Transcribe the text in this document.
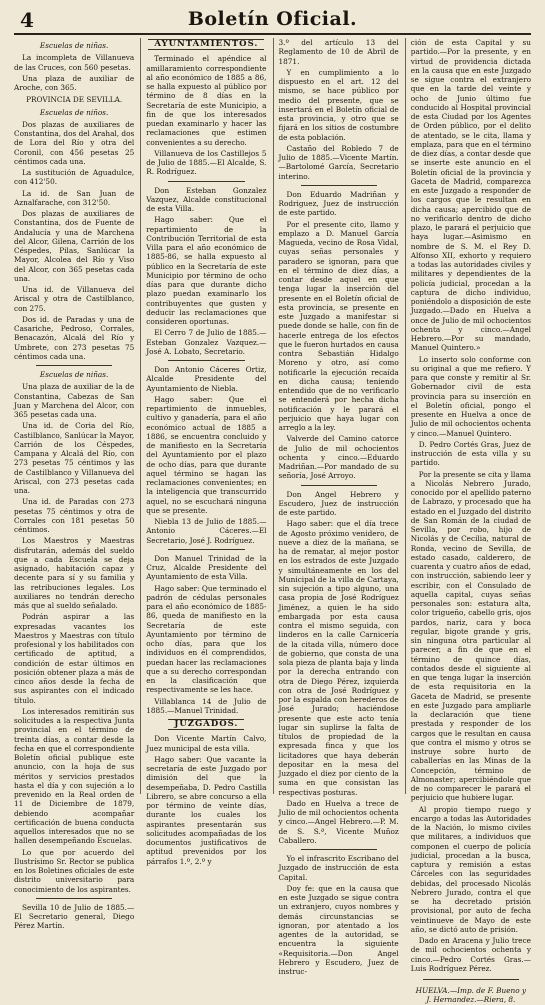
4	Boletín Oficial.

Escuelas de niñas.

La incompleta de Villanueva de las Cruces, con 560 pesetas.

Una plaza de auxiliar de Aroche, con 365.

PROVINCIA DE SEVILLA.

Escuelas de niños.

Dos plazas de auxiliares de Constantina, dos del Arahal, dos de Lora del Río y otra del Coronil, con 456 pesetas 25 céntimos cada una.

La sustitución de Aguadulce, con 412'50.

La id. de San Juan de Aznalfarache, con 312'50.

Dos plazas de auxiliares de Constantina, dos de Fuente de Andalucía y una de Marchena del Alcor, Gilena, Carrión de los Céspedes, Pilas, Sanlúcar la Mayor, Alcolea del Río y Viso del Alcor, con 365 pesetas cada una.

Una id. de Villanueva del Ariscal y otra de Castilblanco, con 275.

Dos id. de Paradas y una de Casariche, Pedroso, Corrales, Benacazón, Alcalá del Río y Umbrete, con 273 pesetas 75 céntimos cada una.

Escuelas de niñas.

Una plaza de auxiliar de la de Constantina, Cabezas de San Juan y Marchena del Alcor, con 365 pesetas cada una.

Una id. de Coria del Río, Castilblanco, Sanlúcar la Mayor, Carrión de los Céspedes, Campana y Alcalá del Río, con 273 pesetas 75 céntimos y las de Castilblanco y Villanueva del Ariscal, con 273 pesetas cada una.

Una id. de Paradas con 273 pesetas 75 céntimos y otra de Corrales con 181 pesetas 50 céntimos.

Los Maestros y Maestras disfrutarán, además del sueldo que a cada Escuela se deja asignado, habitación capaz y decente para sí y su familia y las retribuciones legales. Los auxiliares no tendrán derecho más que al sueldo señalado.

Podrán aspirar a las expresadas vacantes los Maestros y Maestras con título profesional y los habilitados con certificado de aptitud, a condición de estar últimos en posición obtener plaza a más de cinco años desde la fecha de sus aspirantes con el indicado título.

Los interesados remitirán sus solicitudes a la respectiva Junta provincial en el término de treinta días, a contar desde la fecha en que el correspondiente Boletín oficial publique este anuncio, con la hoja de sus méritos y servicios prestados hasta el día y con sujeción a lo prevenido en la Real orden de 11 de Diciembre de 1879, debiendo acompañar certificación de buena conducta aquellos interesados que no se hallen desempeñando Escuelas.

Lo que por acuerdo del Ilustrísimo Sr. Rector se publica en los Boletines oficiales de este distrito universitario para conocimiento de los aspirantes.

Sevilla 10 de Julio de 1885.—El Secretario general, Diego Pérez Martín.

AYUNTAMIENTOS.

Terminado el apéndice al amillaramiento correspondiente al año económico de 1885 a 86, se halla expuesto al público por término de 8 días en la Secretaría de este Municipio, a fin de que los interesados puedan examinarlo y hacer las reclamaciones que estimen convenientes a su derecho.

Villanueva de los Castillejos 5 de Julio de 1885.—El Alcalde, S. R. Rodríguez.

Don Esteban Gonzalez Vazquez, Alcalde constitucional de esta Villa.

Hago saber: Que el repartimiento de la Contribución Territorial de esta Villa para el año económico de 1885-86, se halla expuesto al público en la Secretaría de este Municipio por término de ocho días para que durante dicho plazo puedan examinarlo los contribuyentes que gusten y deducir las reclamaciones que consideren oportunas.

El Cerro 7 de Julio de 1885.—Esteban Gonzalez Vazquez.—José A. Lobato, Secretario.

Don Antonio Cáceres Ortiz, Alcalde Presidente del Ayuntamiento de Niebla.

Hago saber: Que el repartimiento de inmuebles, cultivo y ganadería, para el año económico actual de 1885 a 1886, se encuentra concluido y de manifiesto en la Secretaría del Ayuntamiento por el plazo de ocho días, para que durante aquel término se hagan las reclamaciones convenientes; en la inteligencia que transcurrido aquel, no se escuchará ninguna que se presente.

Niebla 13 de Julio de 1885.—Antonio Cáceres.—El Secretario, José J. Rodríguez.

Don Manuel Trinidad de la Cruz, Alcalde Presidente del Ayuntamiento de esta Villa.

Hago saber: Que terminado el padrón de cédulas personales para el año económico de 1885-86, queda de manifiesto en la Secretaría de este Ayuntamiento por término de ocho días, para que los individuos en él comprendidos, puedan hacer las reclamaciones que a su derecho correspondan en la clasificación que respectivamente se les hace.

Villablanca 14 de Julio de 1885.—Manuel Trinidad.

JUZGADOS.

Don Vicente Martín Calvo, Juez municipal de esta villa.

Hago saber: Que vacante la secretaría de este Juzgado por dimisión del que la desempeñaba, D. Pedro Castilla Librero, se abre concurso a ella por término de veinte días, durante los cuales los aspirantes presentarán sus solicitudes acompañadas de los documentos justificativos de aptitud prevenidos por los párrafos 1.º, 2.º y

3.º del artículo 13 del Reglamento de 10 de Abril de 1871.

Y en cumplimiento a lo dispuesto en el art. 12 del mismo, se hace público por medio del presente, que se insertará en el Boletín oficial de esta provincia, y otro que se fijará en los sitios de costumbre de esta población.

Castaño del Robledo 7 de Julio de 1885.—Vicente Martín.—Bartolomé García, Secretario interino.

Don Eduardo Madriñan y Rodriguez, Juez de instrucción de este partido.

Por el presente cito, llamo y emplazo a D. Manuel García Magueda, vecino de Rosa Vidal, cuyas señas personales y paradero se ignoran, para que en el término de diez días, a contar desde aquel en que tenga lugar la inserción del presente en el Boletín oficial de esta provincia, se presente en este Juzgado a manifestar si puede donde se halle, con fin de hacerle entrega de los efectos que le fueron hurtados en causa contra Sebastián Hidalgo Moreno y otro, así como notificarle la ejecución recaída en dicha causa; teniendo entendido que de no verificarlo se entenderá por hecha dicha notificación y le parará el perjuicio que haya lugar con arreglo a la ley.

Valverde del Camino catorce de Julio de mil ochocientos ochenta y cinco.—Eduardo Madriñan.—Por mandado de su señoría, José Arroyo.

Don Angel Hebrero y Escudero, Juez de instrucción de este partido.

Hago saber: que el día trece de Agosto próximo venidero, de nueve a diez de la mañana, se ha de rematar, al mejor postor en los estrados de este Juzgado y simultáneamente en los del Municipal de la villa de Cartaya, sin sujeción a tipo alguno, una casa propia de José Rodríguez Jiménez, a quien le ha sido embargada por esta causa contra el mismo seguida, con linderos en la calle Carnicería de la citada villa, número doce de gobierno, que consta de una sola pieza de planta baja y linda por la derecha entrando con otra de Diego Pérez, izquierda con otra de José Rodríguez y por la espalda con herederos de José Jurado; haciéndose presente que este acto tenía lugar sin suplirse la falta de títulos de propiedad de la expresada finca y que los licitadores que haya deberán depositar en la mesa del Juzgado el diez por ciento de la suma en que consistan las respectivas posturas.

Dado en Huelva a trece de Julio de mil ochocientos ochenta y cinco.—Angel Hebrero.—P. M. de S. S.ª, Vicente Muñoz Caballero.

Yo el infrascrito Escribano del Juzgado de instrucción de esta Capital.

Doy fe: que en la causa que en este Juzgado se sigue contra un extranjero, cuyos nombres y demás circunstancias se ignoran, por atentado a los agentes de la autoridad, se encuentra la siguiente «Requisitoria.—Don Angel Hebrero y Escudero, Juez de instruc-

ción de esta Capital y su partido.—Por la presente, y en virtud de providencia dictada en la causa que en este Juzgado se sigue contra el extranjero que en la tarde del veinte y ocho de Junio último fue conducido al Hospital provincial de esta Ciudad por los Agentes de Orden público, por el delito de atentado, se le cita, llama y emplaza, para que en el término de diez días, a contar desde que se inserte este anuncio en el Boletín oficial de la provincia y Gaceta de Madrid, comparezca en este Juzgado a responder de los cargos que le resultan en dicha causa; apercibido que de no verificarlo dentro de dicho plazo, le parará el perjuicio que haya lugar.—Asimismo en nombre de S. M. el Rey D. Alfonso XII, exhorto y requiero a todas las autoridades civiles y militares y dependientes de la policía judicial, procedan a la captura de dicho individuo, poniéndolo a disposición de este Juzgado.—Dado en Huelva a once de Julio de mil ochocientos ochenta y cinco.—Angel Hebrero.—Por su mandado, Manuel Quintero.»

Lo inserto solo conforme con su original a que me refiero. Y para que conste y remitir al Sr. Gobernador civil de esta provincia para su inserción en el Boletín oficial, pongo el presente en Huelva a once de Julio de mil ochocientos ochenta y cinco.—Manuel Quintero.

D. Pedro Cortés Gras, Juez de instrucción de esta villa y su partido.

Por la presente se cita y llama a Nicolás Nebrero Jurado, conocido por el apellido paterno de Labrazo, y procesado que ha estado en el Juzgado del distrito de San Román de la ciudad de Sevilla, por robo, hijo de Nicolás y de Cecilia, natural de Ronda, vecino de Sevilla, de estado casado, calderero, de cuarenta y cuatro años de edad, con instrucción, sabiendo leer y escribir, con el Consulado de aquella capital, cuyas señas personales son: estatura alta, color trigueño, cabello gris, ojos pardos, nariz, cara y boca regular, bigote grande y gris, sin ninguna otra particular al parecer, a fin de que en el término de quince días, contados desde el siguiente al en que tenga lugar la inserción de esta requisitoria en la Gaceta de Madrid, se presente en este Juzgado para ampliarle la declaración que tiene prestada y responder de los cargos que le resultan en causa que contra el mismo y otros se instruye sobre hurto de caballerías en las Minas de la Concepción, término de Almonaster; apercibiéndole que de no comparecer le parará el perjuicio que hubiere lugar.

Al propio tiempo ruego y encargo a todas las Autoridades de la Nación, lo mismo civiles que militares, a individuos que componen el cuerpo de policía judicial, procedan a la busca, captura y remisión a estas Cárceles con las seguridades debidas, del procesado Nicolás Nebrero Jurado, contra el que se ha decretado prisión provisional, por auto de fecha veintinueve de Mayo de este año, se dictó auto de prisión.

Dado en Aracena y Julio trece de mil ochocientos ochenta y cinco.—Pedro Cortés Gras.—Luis Rodríguez Pérez.

HUELVA.—Imp. de F. Bueno y
J. Hernandez.—Riera, 8.
